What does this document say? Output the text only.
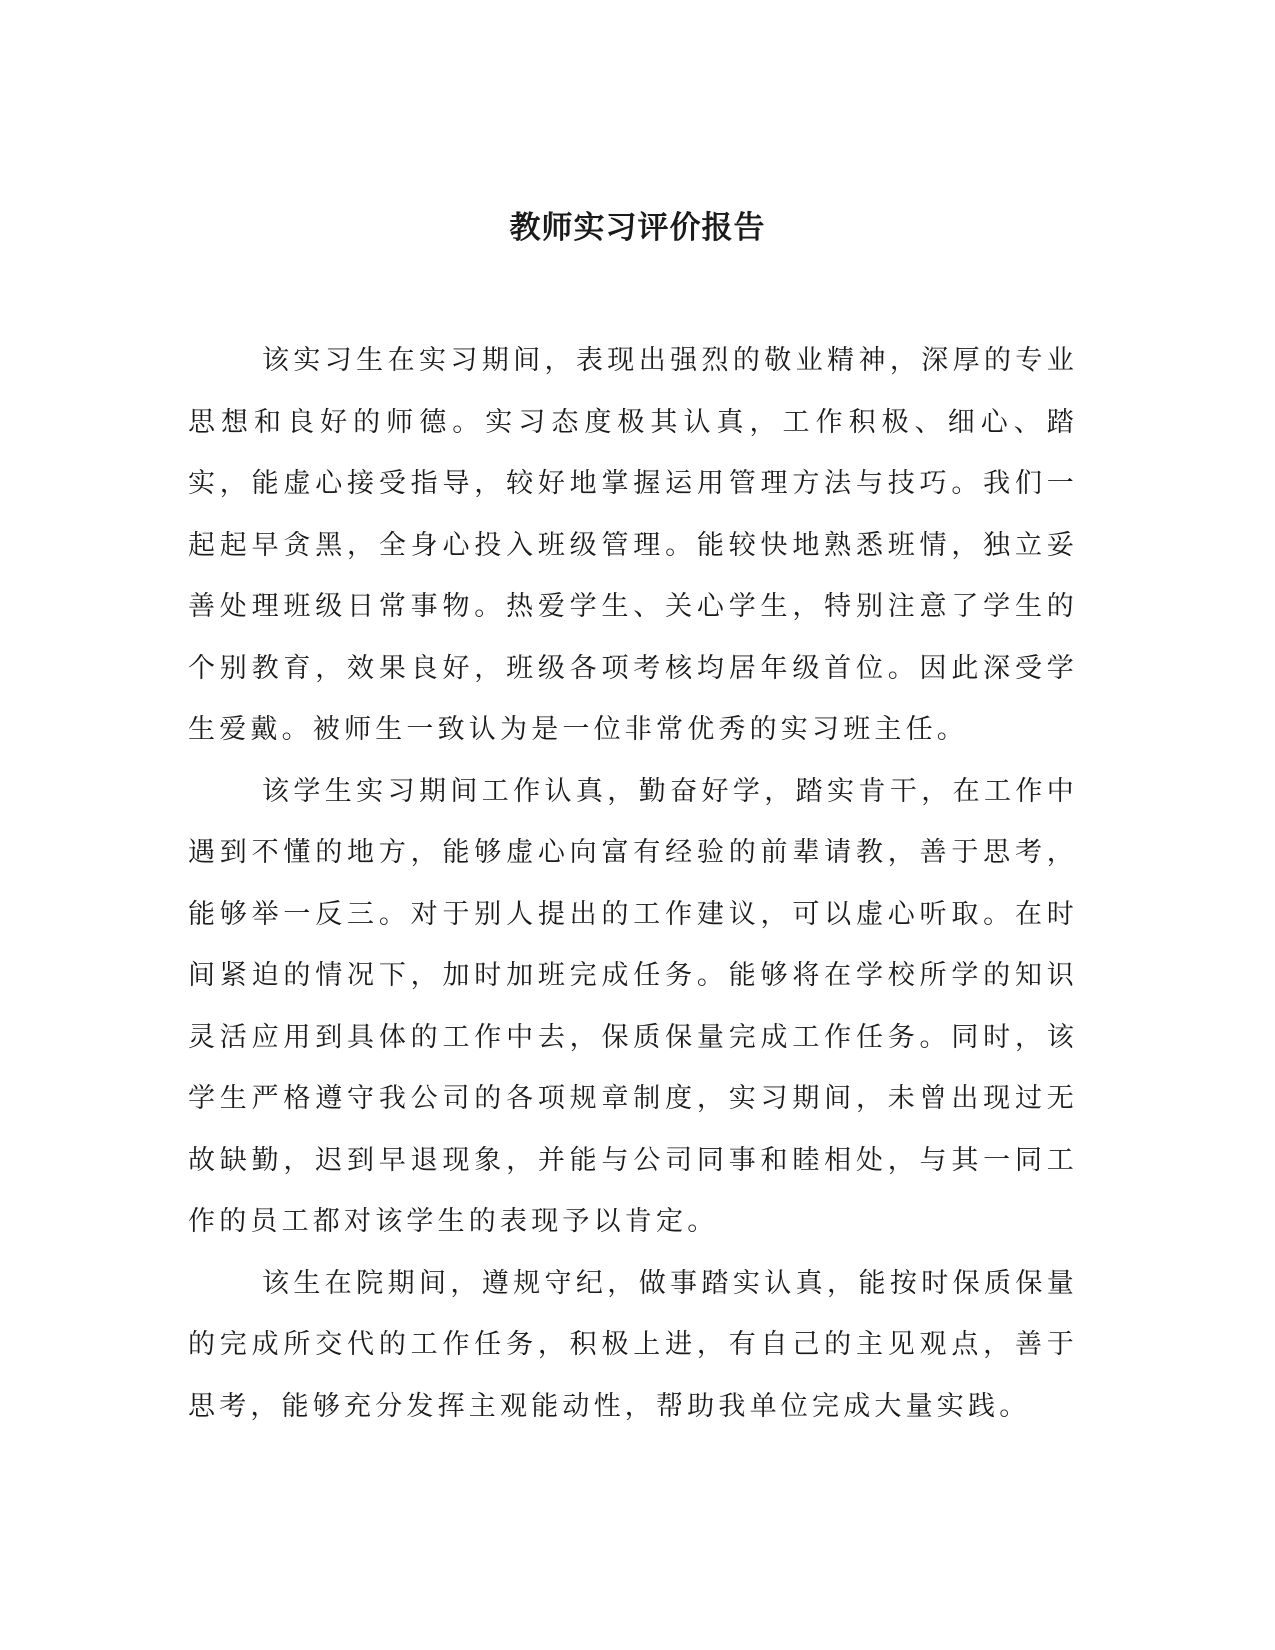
教师实习评价报告

该实习生在实习期间，表现出强烈的敬业精神，深厚的专业思想和良好的师德。实习态度极其认真，工作积极、细心、踏实，能虚心接受指导，较好地掌握运用管理方法与技巧。我们一起起早贪黑，全身心投入班级管理。能较快地熟悉班情，独立妥善处理班级日常事物。热爱学生、关心学生，特别注意了学生的个别教育，效果良好，班级各项考核均居年级首位。因此深受学生爱戴。被师生一致认为是一位非常优秀的实习班主任。

该学生实习期间工作认真，勤奋好学，踏实肯干，在工作中遇到不懂的地方，能够虚心向富有经验的前辈请教，善于思考，能够举一反三。对于别人提出的工作建议，可以虚心听取。在时间紧迫的情况下，加时加班完成任务。能够将在学校所学的知识灵活应用到具体的工作中去，保质保量完成工作任务。同时，该学生严格遵守我公司的各项规章制度，实习期间，未曾出现过无故缺勤，迟到早退现象，并能与公司同事和睦相处，与其一同工作的员工都对该学生的表现予以肯定。

该生在院期间，遵规守纪，做事踏实认真，能按时保质保量的完成所交代的工作任务，积极上进，有自己的主见观点，善于思考，能够充分发挥主观能动性，帮助我单位完成大量实践。
